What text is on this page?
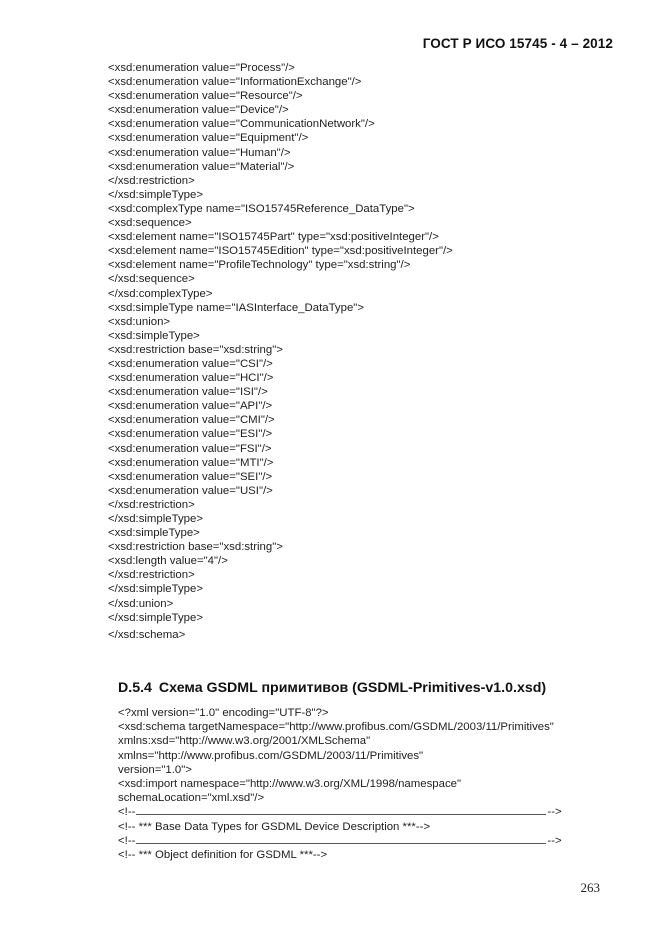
ГОСТ Р ИСО 15745 - 4 – 2012
<xsd:enumeration value="Process"/>
<xsd:enumeration value="InformationExchange"/>
<xsd:enumeration value="Resource"/>
<xsd:enumeration value="Device"/>
<xsd:enumeration value="CommunicationNetwork"/>
<xsd:enumeration value="Equipment"/>
<xsd:enumeration value="Human"/>
<xsd:enumeration value="Material"/>
</xsd:restriction>
</xsd:simpleType>
<xsd:complexType name="ISO15745Reference_DataType">
<xsd:sequence>
<xsd:element name="ISO15745Part" type="xsd:positiveInteger"/>
<xsd:element name="ISO15745Edition" type="xsd:positiveInteger"/>
<xsd:element name="ProfileTechnology" type="xsd:string"/>
</xsd:sequence>
</xsd:complexType>
<xsd:simpleType name="IASInterface_DataType">
<xsd:union>
<xsd:simpleType>
<xsd:restriction base="xsd:string">
<xsd:enumeration value="CSI"/>
<xsd:enumeration value="HCI"/>
<xsd:enumeration value="ISI"/>
<xsd:enumeration value="API"/>
<xsd:enumeration value="CMI"/>
<xsd:enumeration value="ESI"/>
<xsd:enumeration value="FSI"/>
<xsd:enumeration value="MTI"/>
<xsd:enumeration value="SEI"/>
<xsd:enumeration value="USI"/>
</xsd:restriction>
</xsd:simpleType>
<xsd:simpleType>
<xsd:restriction base="xsd:string">
<xsd:length value="4"/>
</xsd:restriction>
</xsd:simpleType>
</xsd:union>
</xsd:simpleType>
</xsd:schema>
D.5.4 Схема GSDML примитивов (GSDML-Primitives-v1.0.xsd)
<?xml version="1.0" encoding="UTF-8"?>
<xsd:schema targetNamespace="http://www.profibus.com/GSDML/2003/11/Primitives"
xmlns:xsd="http://www.w3.org/2001/XMLSchema"
xmlns="http://www.profibus.com/GSDML/2003/11/Primitives"
version="1.0">
<xsd:import namespace="http://www.w3.org/XML/1998/namespace"
schemaLocation="xml.xsd"/>
<!--	-->
<!-- *** Base Data Types for GSDML Device Description ***-->
<!--	-->
<!-- *** Object definition for GSDML ***-->
263
